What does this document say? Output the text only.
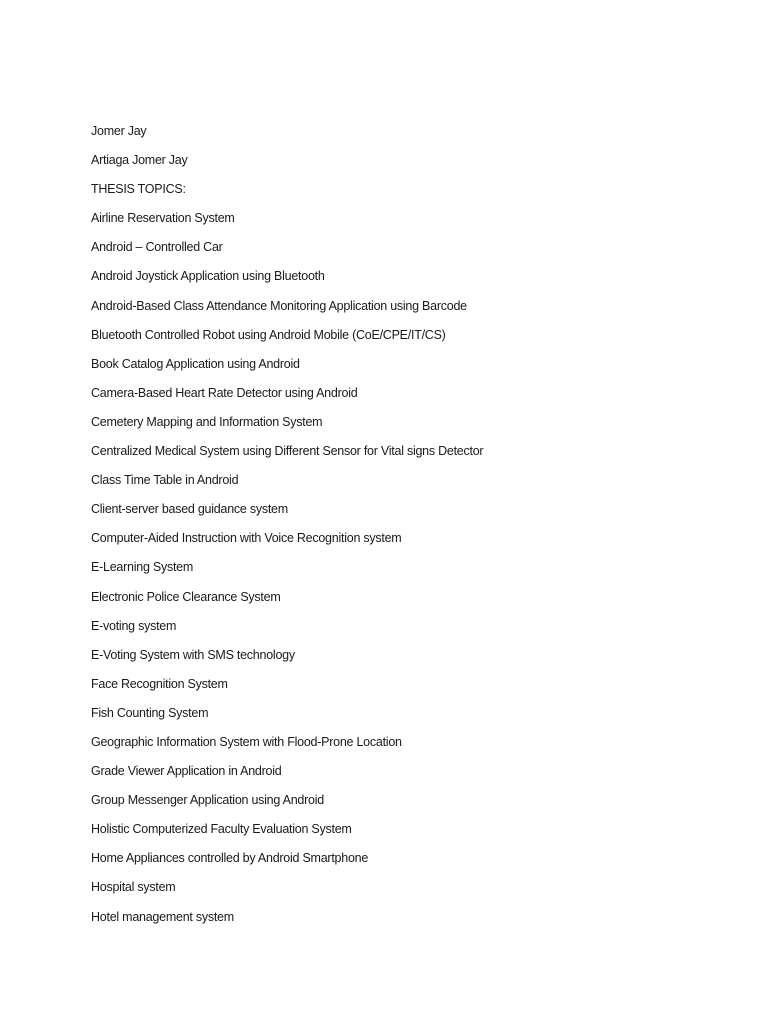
Jomer Jay
Artiaga Jomer Jay
THESIS TOPICS:
Airline Reservation System
Android – Controlled Car
Android Joystick Application using Bluetooth
Android-Based Class Attendance Monitoring Application using Barcode
Bluetooth Controlled Robot using Android Mobile (CoE/CPE/IT/CS)
Book Catalog Application using Android
Camera-Based Heart Rate Detector using Android
Cemetery Mapping and Information System
Centralized Medical System using Different Sensor for Vital signs Detector
Class Time Table in Android
Client-server based guidance system
Computer-Aided Instruction with Voice Recognition system
E-Learning System
Electronic Police Clearance System
E-voting system
E-Voting System with SMS technology
Face Recognition System
Fish Counting System
Geographic Information System with Flood-Prone Location
Grade Viewer Application in Android
Group Messenger Application using Android
Holistic Computerized Faculty Evaluation System
Home Appliances controlled by Android Smartphone
Hospital system
Hotel management system
